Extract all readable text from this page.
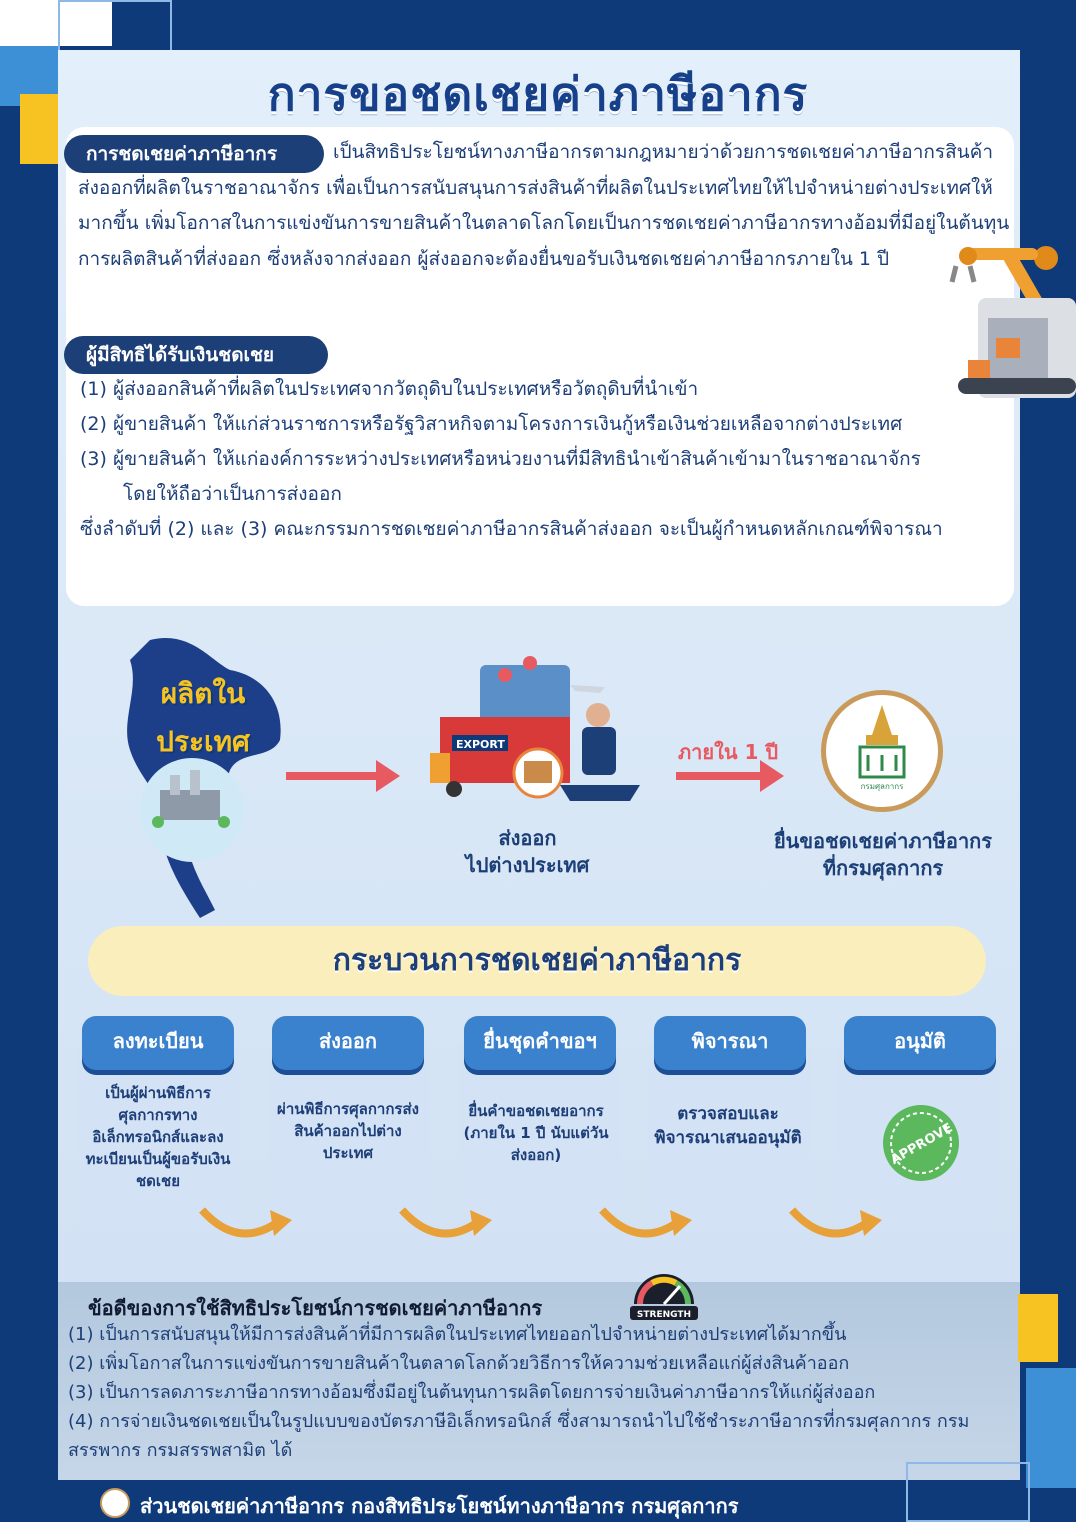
การขอชดเชยค่าภาษีอากร

เป็นสิทธิประโยชน์ทางภาษีอากรตามกฎหมายว่าด้วยการชดเชยค่าภาษีอากรสินค้าส่งออกที่ผลิตในราชอาณาจักร เพื่อเป็นการสนับสนุนการส่งสินค้าที่ผลิตในประเทศไทยให้ไปจำหน่ายต่างประเทศให้มากขึ้น เพิ่มโอกาสในการแข่งขันการขายสินค้าในตลาดโลกโดยเป็นการชดเชยค่าภาษีอากรทางอ้อมที่มีอยู่ในต้นทุนการผลิตสินค้าที่ส่งออก ซึ่งหลังจากส่งออก ผู้ส่งออกจะต้องยื่นขอรับเงินชดเชยค่าภาษีอากรภายใน 1 ปี

การชดเชยค่าภาษีอากร
ผู้มีสิทธิได้รับเงินชดเชย
(1) ผู้ส่งออกสินค้าที่ผลิตในประเทศจากวัตถุดิบในประเทศหรือวัตถุดิบที่นำเข้า
(2) ผู้ขายสินค้า ให้แก่ส่วนราชการหรือรัฐวิสาหกิจตามโครงการเงินกู้หรือเงินช่วยเหลือจากต่างประเทศ
(3) ผู้ขายสินค้า ให้แก่องค์การระหว่างประเทศหรือหน่วยงานที่มีสิทธินำเข้าสินค้าเข้ามาในราชอาณาจักร
โดยให้ถือว่าเป็นการส่งออก
ซึ่งลำดับที่ (2) และ (3) คณะกรรมการชดเชยค่าภาษีอากรสินค้าส่งออก จะเป็นผู้กำหนดหลักเกณฑ์พิจารณา
ผลิตใน
ประเทศ	EXPORT
ส่งออก
ไปต่างประเทศ
ภายใน 1 ปี
กรมศุลกากร
ยื่นขอชดเชยค่าภาษีอากร
ที่กรมศุลกากร
กระบวนการชดเชยค่าภาษีอากร
ลงทะเบียน	ส่งออก	ยื่นชุดคำขอฯ	พิจารณา	อนุมัติ
เป็นผู้ผ่านพิธีการศุลกากรทางอิเล็กทรอนิกส์และลงทะเบียนเป็นผู้ขอรับเงินชดเชย
ผ่านพิธีการศุลกากรส่งสินค้าออกไปต่างประเทศ
ยื่นคำขอชดเชยอากร (ภายใน 1 ปี นับแต่วันส่งออก)
ตรวจสอบและพิจารณาเสนออนุมัติ	APPROVE
ข้อดีของการใช้สิทธิประโยชน์การชดเชยค่าภาษีอากร	STRENGTH
(1) เป็นการสนับสนุนให้มีการส่งสินค้าที่มีการผลิตในประเทศไทยออกไปจำหน่ายต่างประเทศได้มากขึ้น
(2) เพิ่มโอกาสในการแข่งขันการขายสินค้าในตลาดโลกด้วยวิธีการให้ความช่วยเหลือแก่ผู้ส่งสินค้าออก
(3) เป็นการลดภาระภาษีอากรทางอ้อมซึ่งมีอยู่ในต้นทุนการผลิตโดยการจ่ายเงินค่าภาษีอากรให้แก่ผู้ส่งออก
(4) การจ่ายเงินชดเชยเป็นในรูปแบบของบัตรภาษีอิเล็กทรอนิกส์ ซึ่งสามารถนำไปใช้ชำระภาษีอากรที่กรมศุลกากร กรมสรรพากร กรมสรรพสามิต ได้
ส่วนชดเชยค่าภาษีอากร กองสิทธิประโยชน์ทางภาษีอากร กรมศุลกากร
